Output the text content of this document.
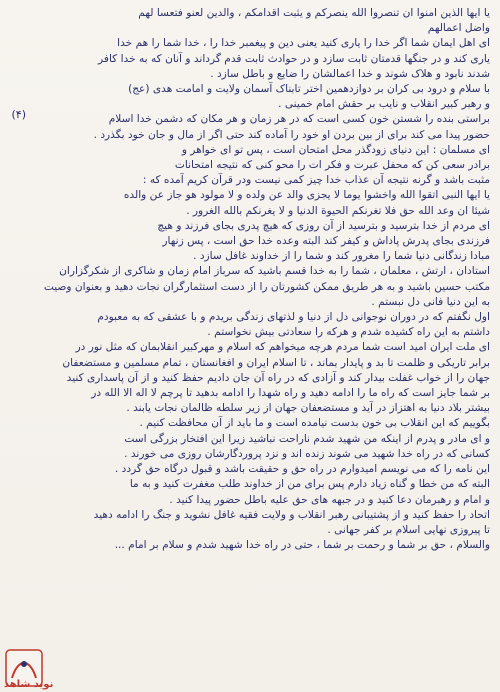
یا ایها الذین امنوا ان تنصروا الله ینصرکم و یثبت اقدامکم ، والدین لعنو فتعسا لهم
واضل اعمالهم
ای اهل ایمان شما اگر خدا را یاری کنید یعنی دین و پیغمبر خدا را ، خدا شما را هم خدا
یاری کند و در جنگها قدمتان ثابت سازد و در حوادث ثابت قدم گرداند و آنان که به خدا کافر
شدند نابود و هلاک شوند و خدا اعمالشان را ضایع و باطل سازد .
با سلام و درود بی کران بر دوازدهمین اختر تابناک آسمان ولایت و امامت هدی (عج)
و رهبر کبیر انقلاب و نایب بر حقش امام خمینی .
براستی بنده را شستن خون کسی است که در هر زمان و هر مکان که دشمن خدا اسلام
حضور پیدا می کند برای از بین بردن او خود را آماده کند حتی اگر از مال و جان خود بگذرد .
ای مسلمان : این دنیای زودگذر محل امتحان است ، پس تو ای خواهر و
برادر سعی کن که محفل عبرت و فکر ات را محو کنی که نتیجه امتحانات
مثبت باشد و گرنه نتیجه آن عذاب خدا چیز کمی نیست ودر قرآن کریم آمده که :
یا ایها النبی اتقوا الله واخشوا یوما لا یجزی والد عن ولده و لا مولود هو جاز عن والده
شیئا ان وعد الله حق فلا تغرنکم الحیوة الدنیا و لا یغرنکم بالله الغرور .
ای مردم از خدا بترسید و بترسید از آن روزی که هیچ پدری بجای فرزند و هیچ
فرزندی بجای پدرش پاداش و کیفر کند البته وعده خدا حق است ، پس زنهار
مبادا زندگانی دنیا شما را مغرور کند و شما را از خداوند غافل سازد .
استادان ، ارتش ، معلمان ، شما را به خدا قسم باشید که سرباز امام زمان و شاکری از شکرگزاران
مکتب حسین باشید و به هر طریق ممکن کشورتان را از دست استثمارگران نجات دهید و بعنوان وصیت
به این دنیا فانی دل نبستم .
اول نگفتم که در دوران نوجوانی دل از دنیا و لذتهای زندگی بریدم و با عشقی که به معبودم
داشتم به این راه کشیده شدم و هرکه را سعادتی بیش نخواستم .
ای ملت ایران امید است شما مردم هرچه میخواهم که اسلام و مهرکبیر انقلابمان که مثل نور در
برابر تاریکی و ظلمت تا بد و پایدار بماند ، تا اسلام ایران و افغانستان ، تمام مسلمین و مستضعفان
جهان را از خواب غفلت بیدار کند و آزادی که در راه آن جان دادیم حفظ کنید و از آن پاسداری کنید
بر شما جایز است که راه ما را ادامه دهید و راه شهدا را ادامه بدهید تا پرچم لا اله الا الله در
بیشتر بلاد دنیا به اهتزاز در آید و مستضعفان جهان از زیر سلطه ظالمان نجات یابند .
بگوییم که این انقلاب بی خون بدست نیامده است و ما باید از آن محافظت کنیم .
و ای مادر و پدرم از اینکه من شهید شدم ناراحت نباشید زیرا این افتخار بزرگی است
کسانی که در راه خدا شهید می شوند زنده اند و نزد پروردگارشان روزی می خورند .
این نامه را که می نویسم امیدوارم در راه حق و حقیقت باشد و قبول درگاه حق گردد .
البته که من خطا و گناه زیاد دارم پس برای من از خداوند طلب مغفرت کنید و به ما
و امام و رهبرمان دعا کنید و در جبهه های حق علیه باطل حضور پیدا کنید .
اتحاد را حفظ کنید و از پشتیبانی رهبر انقلاب و ولایت فقیه غافل نشوید و جنگ را ادامه دهید
تا پیروزی نهایی اسلام بر کفر جهانی .
والسلام ، حق بر شما و رحمت بر شما ، حتی در راه خدا شهید شدم و سلام بر امام ...
(۴)
نوید شاهد
